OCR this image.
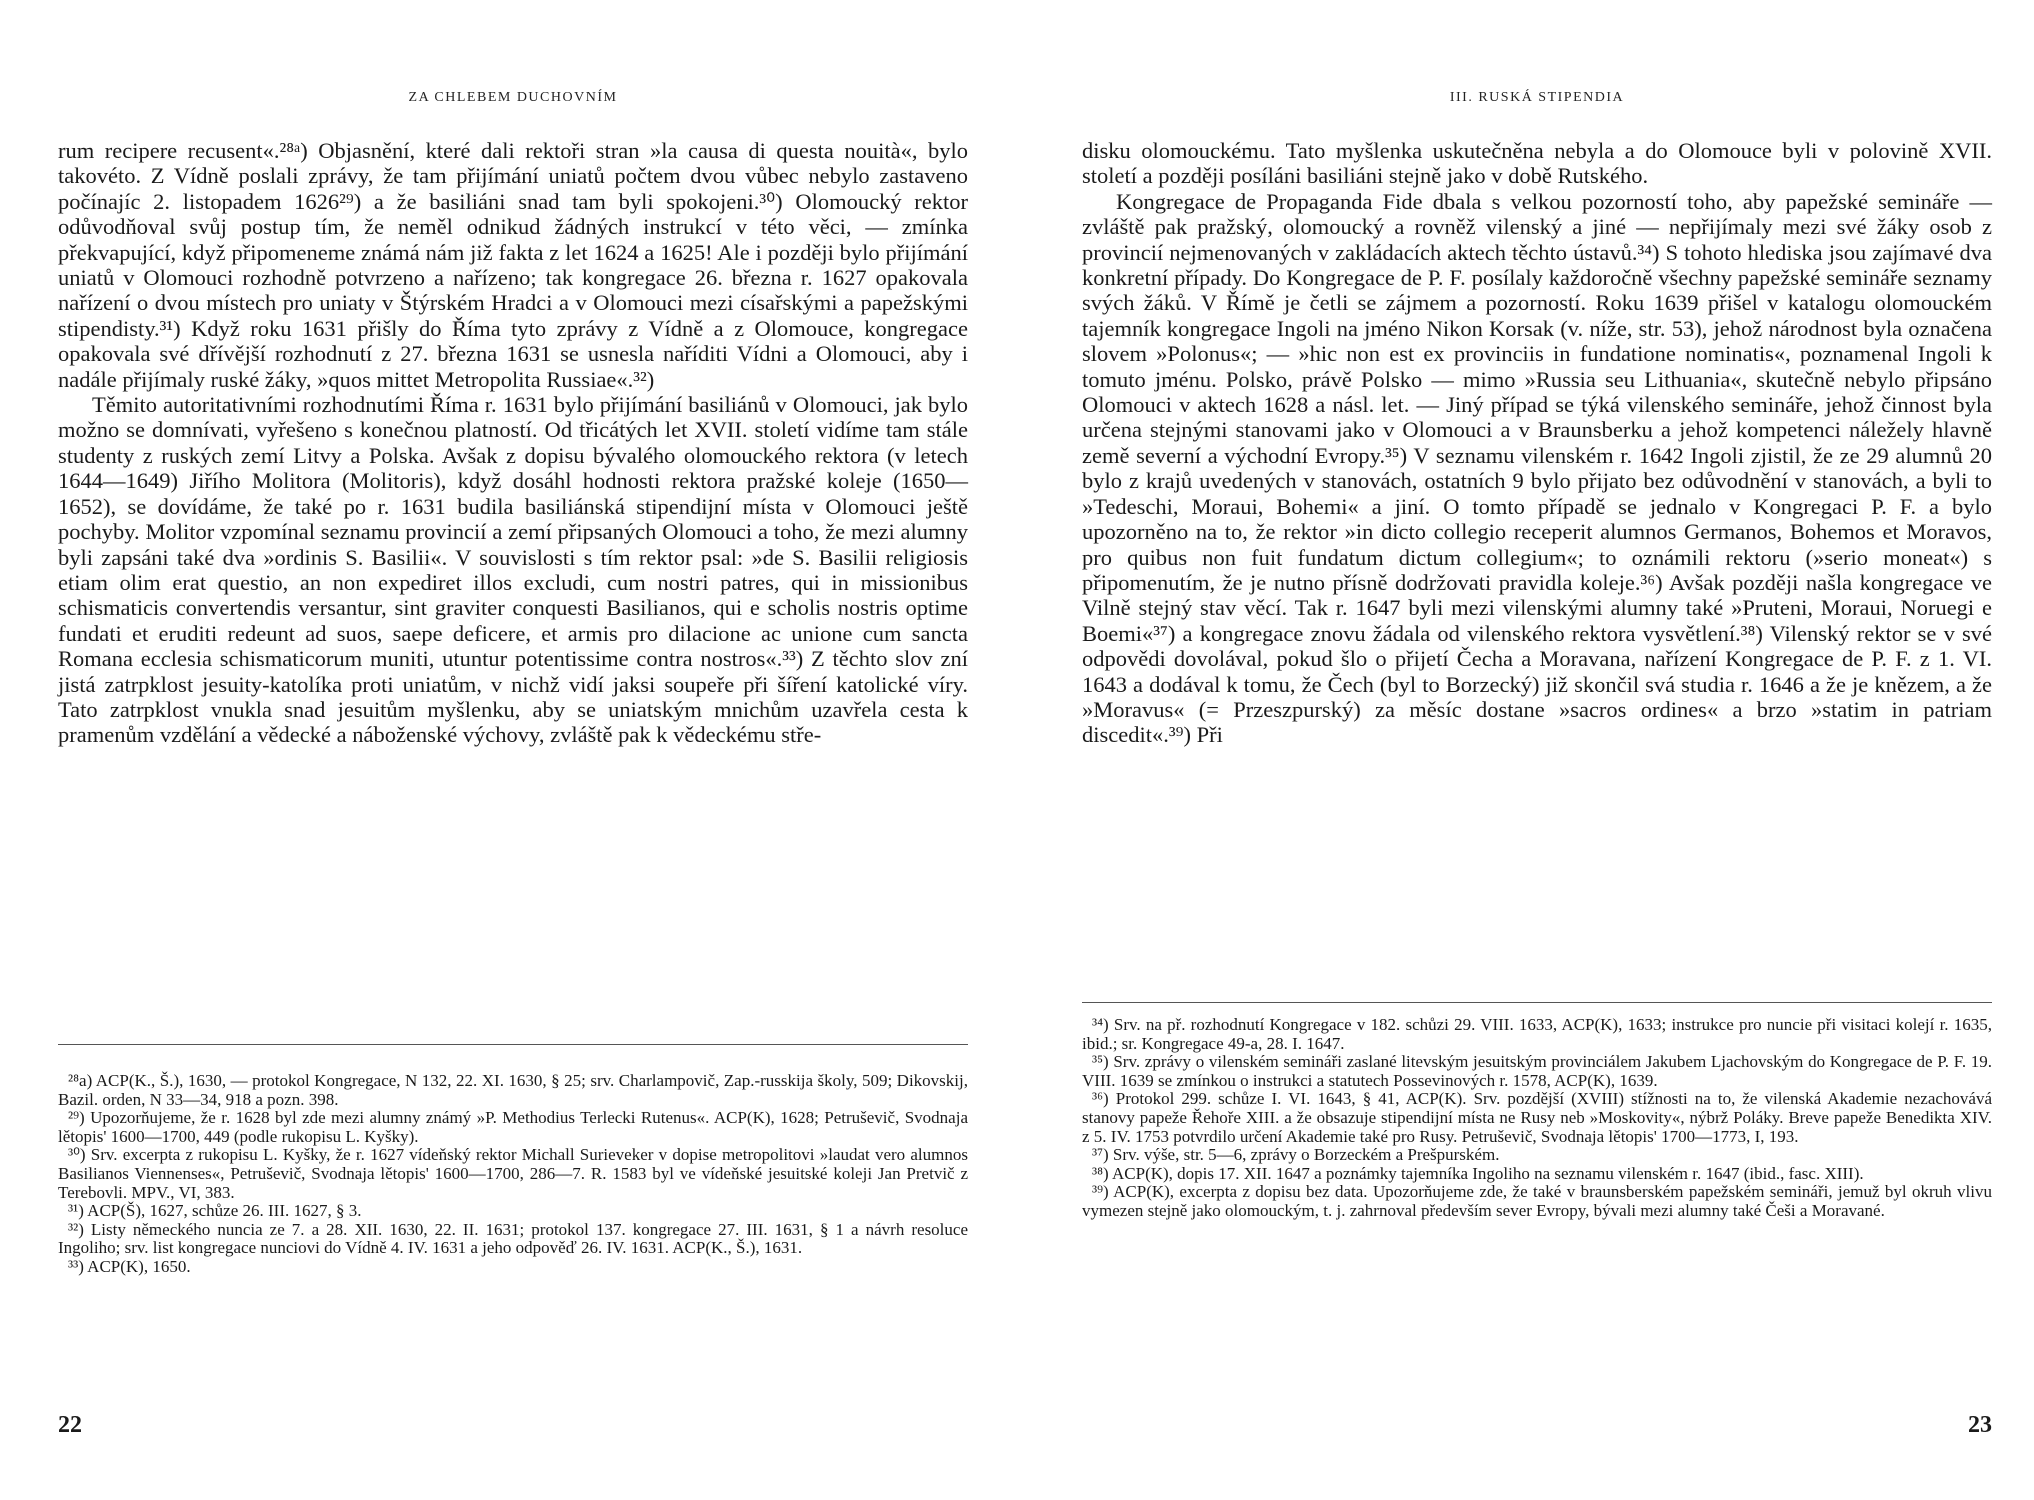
ZA CHLEBEM DUCHOVNÍM

rum recipere recusent«.²⁸ᵃ) Objasnění, které dali rektoři stran »la causa di questa nouità«, bylo takovéto. Z Vídně poslali zprávy, že tam přijímání uniatů počtem dvou vůbec nebylo zastaveno počínajíc 2. listopadem 1626²⁹) a že basiliáni snad tam byli spokojeni.³⁰) Olomoucký rektor odůvodňoval svůj postup tím, že neměl odnikud žádných instrukcí v této věci, — zmínka překvapující, když připomeneme známá nám již fakta z let 1624 a 1625! Ale i později bylo přijímání uniatů v Olomouci rozhodně potvrzeno a nařízeno; tak kongregace 26. března r. 1627 opakovala nařízení o dvou místech pro uniaty v Štýrském Hradci a v Olomouci mezi císařskými a papežskými stipendisty.³¹) Když roku 1631 přišly do Říma tyto zprávy z Vídně a z Olomouce, kongregace opakovala své dřívější rozhodnutí z 27. března 1631 se usnesla naříditi Vídni a Olomouci, aby i nadále přijímaly ruské žáky, »quos mittet Metropolita Russiae«.³²)

Těmito autoritativními rozhodnutími Říma r. 1631 bylo přijímání basiliánů v Olomouci, jak bylo možno se domnívati, vyřešeno s konečnou platností. Od třicátých let XVII. století vidíme tam stále studenty z ruských zemí Litvy a Polska. Avšak z dopisu bývalého olomouckého rektora (v letech 1644—1649) Jiřího Molitora (Molitoris), když dosáhl hodnosti rektora pražské koleje (1650—1652), se dovídáme, že také po r. 1631 budila basiliánská stipendijní místa v Olomouci ještě pochyby. Molitor vzpomínal seznamu provincií a zemí připsaných Olomouci a toho, že mezi alumny byli zapsáni také dva »ordinis S. Basilii«. V souvislosti s tím rektor psal: »de S. Basilii religiosis etiam olim erat questio, an non expediret illos excludi, cum nostri patres, qui in missionibus schismaticis convertendis versantur, sint graviter conquesti Basilianos, qui e scholis nostris optime fundati et eruditi redeunt ad suos, saepe deficere, et armis pro dilacione ac unione cum sancta Romana ecclesia schismaticorum muniti, utuntur potentissime contra nostros«.³³) Z těchto slov zní jistá zatrpklost jesuity-katolíka proti uniatům, v nichž vidí jaksi soupeře při šíření katolické víry. Tato zatrpklost vnukla snad jesuitům myšlenku, aby se uniatským mnichům uzavřela cesta k pramenům vzdělání a vědecké a náboženské výchovy, zvláště pak k vědeckému stře-

²⁸a) ACP(K., Š.), 1630, — protokol Kongregace, N 132, 22. XI. 1630, § 25; srv. Charlampovič, Zap.-russkija školy, 509; Dikovskij, Bazil. orden, N 33—34, 918 a pozn. 398.

²⁹) Upozorňujeme, že r. 1628 byl zde mezi alumny známý »P. Methodius Terlecki Rutenus«. ACP(K), 1628; Petruševič, Svodnaja lětopis' 1600—1700, 449 (podle rukopisu L. Kyšky).

³⁰) Srv. excerpta z rukopisu L. Kyšky, že r. 1627 vídeňský rektor Michall Surieveker v dopise metropolitovi »laudat vero alumnos Basilianos Viennenses«, Petruševič, Svodnaja lětopis' 1600—1700, 286—7. R. 1583 byl ve vídeňské jesuitské koleji Jan Pretvič z Terebovli. MPV., VI, 383.

³¹) ACP(Š), 1627, schůze 26. III. 1627, § 3.

³²) Listy německého nuncia ze 7. a 28. XII. 1630, 22. II. 1631; protokol 137. kongregace 27. III. 1631, § 1 a návrh resoluce Ingoliho; srv. list kongregace nunciovi do Vídně 4. IV. 1631 a jeho odpověď 26. IV. 1631. ACP(K., Š.), 1631.

³³) ACP(K), 1650.

22
III. RUSKÁ STIPENDIA

disku olomouckému. Tato myšlenka uskutečněna nebyla a do Olomouce byli v polovině XVII. století a později posíláni basiliáni stejně jako v době Rutského.

Kongregace de Propaganda Fide dbala s velkou pozorností toho, aby papežské semináře — zvláště pak pražský, olomoucký a rovněž vilenský a jiné — nepřijímaly mezi své žáky osob z provincií nejmenovaných v zakládacích aktech těchto ústavů.³⁴) S tohoto hlediska jsou zajímavé dva konkretní případy. Do Kongregace de P. F. posílaly každoročně všechny papežské semináře seznamy svých žáků. V Římě je četli se zájmem a pozorností. Roku 1639 přišel v katalogu olomouckém tajemník kongregace Ingoli na jméno Nikon Korsak (v. níže, str. 53), jehož národnost byla označena slovem »Polonus«; — »hic non est ex provinciis in fundatione nominatis«, poznamenal Ingoli k tomuto jménu. Polsko, právě Polsko — mimo »Russia seu Lithuania«, skutečně nebylo připsáno Olomouci v aktech 1628 a násl. let. — Jiný případ se týká vilenského semináře, jehož činnost byla určena stejnými stanovami jako v Olomouci a v Braunsberku a jehož kompetenci náležely hlavně země severní a východní Evropy.³⁵) V seznamu vilenském r. 1642 Ingoli zjistil, že ze 29 alumnů 20 bylo z krajů uvedených v stanovách, ostatních 9 bylo přijato bez odůvodnění v stanovách, a byli to »Tedeschi, Moraui, Bohemi« a jiní. O tomto případě se jednalo v Kongregaci P. F. a bylo upozorněno na to, že rektor »in dicto collegio receperit alumnos Germanos, Bohemos et Moravos, pro quibus non fuit fundatum dictum collegium«; to oznámili rektoru (»serio moneat«) s připomenutím, že je nutno přísně dodržovati pravidla koleje.³⁶) Avšak později našla kongregace ve Vilně stejný stav věcí. Tak r. 1647 byli mezi vilenskými alumny také »Pruteni, Moraui, Noruegi e Boemi«³⁷) a kongregace znovu žádala od vilenského rektora vysvětlení.³⁸) Vilenský rektor se v své odpovědi dovolával, pokud šlo o přijetí Čecha a Moravana, nařízení Kongregace de P. F. z 1. VI. 1643 a dodával k tomu, že Čech (byl to Borzecký) již skončil svá studia r. 1646 a že je knězem, a že »Moravus« (= Przeszpurský) za měsíc dostane »sacros ordines« a brzo »statim in patriam discedit«.³⁹) Při

³⁴) Srv. na př. rozhodnutí Kongregace v 182. schůzi 29. VIII. 1633, ACP(K), 1633; instrukce pro nuncie při visitaci kolejí r. 1635, ibid.; sr. Kongregace 49-a, 28. I. 1647.

³⁵) Srv. zprávy o vilenském semináři zaslané litevským jesuitským provinciálem Jakubem Ljachovským do Kongregace de P. F. 19. VIII. 1639 se zmínkou o instrukci a statutech Possevinových r. 1578, ACP(K), 1639.

³⁶) Protokol 299. schůze I. VI. 1643, § 41, ACP(K). Srv. pozdější (XVIII) stížnosti na to, že vilenská Akademie nezachovává stanovy papeže Řehoře XIII. a že obsazuje stipendijní místa ne Rusy neb »Moskovity«, nýbrž Poláky. Breve papeže Benedikta XIV. z 5. IV. 1753 potvrdilo určení Akademie také pro Rusy. Petruševič, Svodnaja lětopis' 1700—1773, I, 193.

³⁷) Srv. výše, str. 5—6, zprávy o Borzeckém a Prešpurském.

³⁸) ACP(K), dopis 17. XII. 1647 a poznámky tajemníka Ingoliho na seznamu vilenském r. 1647 (ibid., fasc. XIII).

³⁹) ACP(K), excerpta z dopisu bez data. Upozorňujeme zde, že také v braunsberském papežském semináři, jemuž byl okruh vlivu vymezen stejně jako olomouckým, t. j. zahrnoval především sever Evropy, bývali mezi alumny také Češi a Moravané.

23
